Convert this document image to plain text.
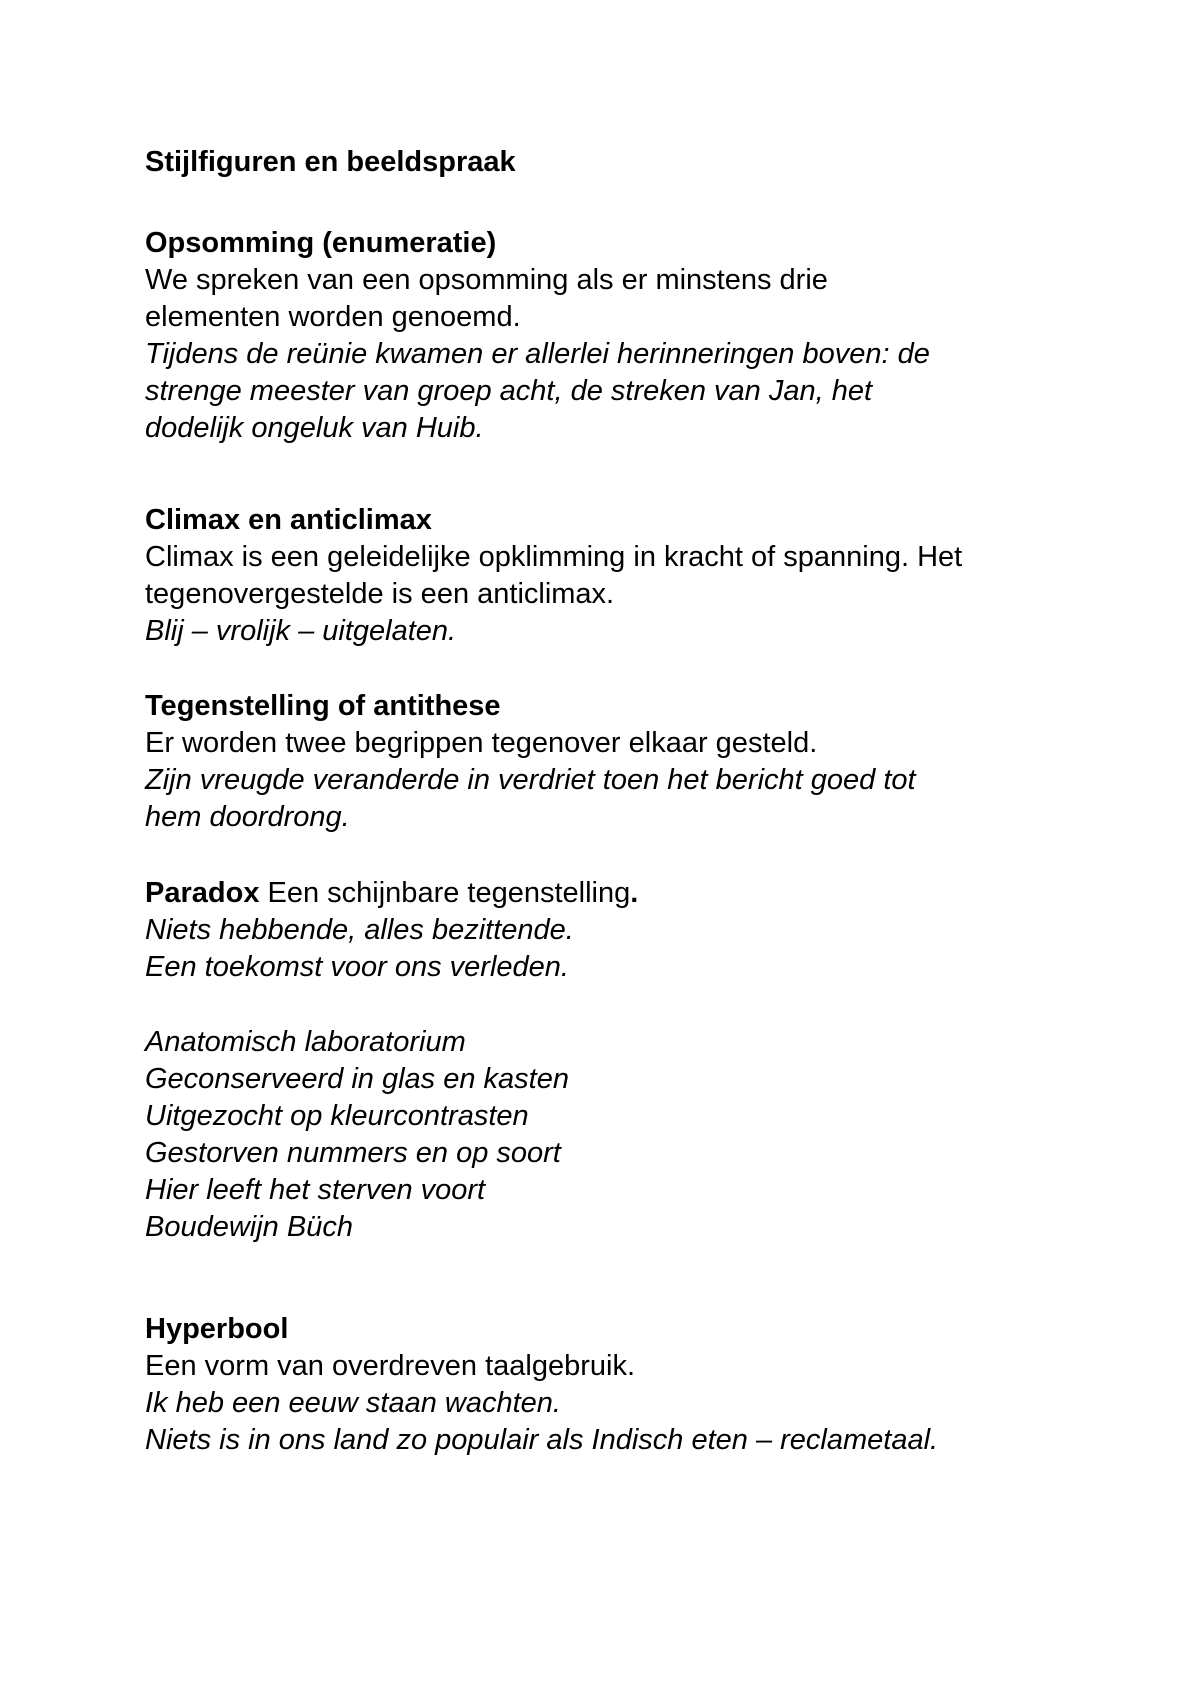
Stijlfiguren en beeldspraak
Opsomming (enumeratie)
We spreken van een opsomming als er minstens drie
elementen worden genoemd.
Tijdens de reünie kwamen er allerlei herinneringen boven: de
strenge meester van groep acht, de streken van Jan, het
dodelijk ongeluk van Huib.
Climax en anticlimax
Climax is een geleidelijke opklimming in kracht of spanning. Het
tegenovergestelde is een anticlimax.
Blij – vrolijk – uitgelaten.
Tegenstelling of antithese
Er worden twee begrippen tegenover elkaar gesteld.
Zijn vreugde veranderde in verdriet toen het bericht goed tot
hem doordrong.
Paradox Een schijnbare tegenstelling.
Niets hebbende, alles bezittende.
Een toekomst voor ons verleden.
Anatomisch laboratorium
Geconserveerd in glas en kasten
Uitgezocht op kleurcontrasten
Gestorven nummers en op soort
Hier leeft het sterven voort
Boudewijn Büch
Hyperbool
Een vorm van overdreven taalgebruik.
Ik heb een eeuw staan wachten.
Niets is in ons land zo populair als Indisch eten – reclametaal.
